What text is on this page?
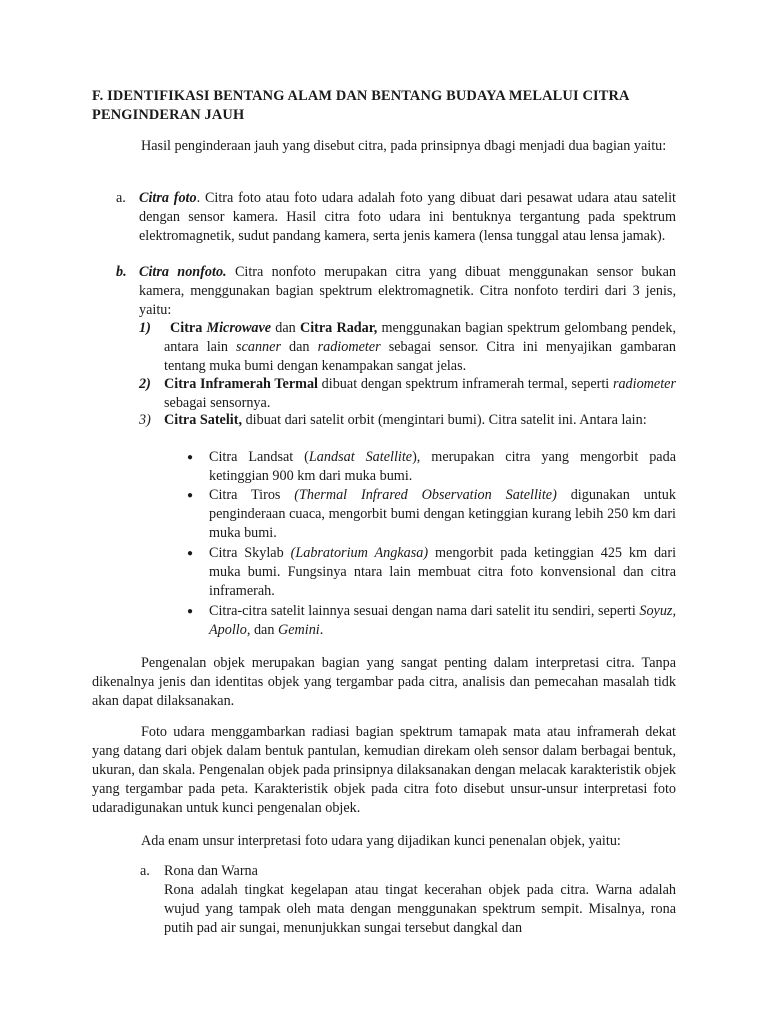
F. IDENTIFIKASI BENTANG ALAM DAN BENTANG BUDAYA MELALUI CITRA PENGINDERAN JAUH
Hasil penginderaan jauh yang disebut citra, pada prinsipnya dbagi menjadi dua bagian yaitu:
a. Citra foto. Citra foto atau foto udara adalah foto yang dibuat dari pesawat udara atau satelit dengan sensor kamera. Hasil citra foto udara ini bentuknya tergantung pada spektrum elektromagnetik, sudut pandang kamera, serta jenis kamera (lensa tunggal atau lensa jamak).
b. Citra nonfoto. Citra nonfoto merupakan citra yang dibuat menggunakan sensor bukan kamera, menggunakan bagian spektrum elektromagnetik. Citra nonfoto terdiri dari 3 jenis, yaitu:
1)	Citra Microwave dan Citra Radar, menggunakan bagian spektrum gelombang pendek, antara lain scanner dan radiometer sebagai sensor. Citra ini menyajikan gambaran tentang muka bumi dengan kenampakan sangat jelas.
2) Citra Inframerah Termal dibuat dengan spektrum inframerah termal, seperti radiometer sebagai sensornya.
3) Citra Satelit, dibuat dari satelit orbit (mengintari bumi). Citra satelit ini. Antara lain:
● Citra Landsat (Landsat Satellite), merupakan citra yang mengorbit pada ketinggian 900 km dari muka bumi.
● Citra Tiros (Thermal Infrared Observation Satellite) digunakan untuk penginderaan cuaca, mengorbit bumi dengan ketinggian kurang lebih 250 km dari muka bumi.
● Citra Skylab (Labratorium Angkasa) mengorbit pada ketinggian 425 km dari muka bumi. Fungsinya ntara lain membuat citra foto konvensional dan citra inframerah.
● Citra-citra satelit lainnya sesuai dengan nama dari satelit itu sendiri, seperti Soyuz, Apollo, dan Gemini.
Pengenalan objek merupakan bagian yang sangat penting dalam interpretasi citra. Tanpa dikenalnya jenis dan identitas objek yang tergambar pada citra, analisis dan pemecahan masalah tidk akan dapat dilaksanakan.
Foto udara menggambarkan radiasi bagian spektrum tamapak mata atau inframerah dekat yang datang dari objek dalam bentuk pantulan, kemudian direkam oleh sensor dalam berbagai bentuk, ukuran, dan skala. Pengenalan objek pada prinsipnya dilaksanakan dengan melacak karakteristik objek yang tergambar pada peta. Karakteristik objek pada citra foto disebut unsur-unsur interpretasi foto udaradigunakan untuk kunci pengenalan objek.
Ada enam unsur interpretasi foto udara yang dijadikan kunci penenalan objek, yaitu:
a. Rona dan Warna
Rona adalah tingkat kegelapan atau tingat kecerahan objek pada citra. Warna adalah wujud yang tampak oleh mata dengan menggunakan spektrum sempit. Misalnya, rona putih pad air sungai, menunjukkan sungai tersebut dangkal dan
